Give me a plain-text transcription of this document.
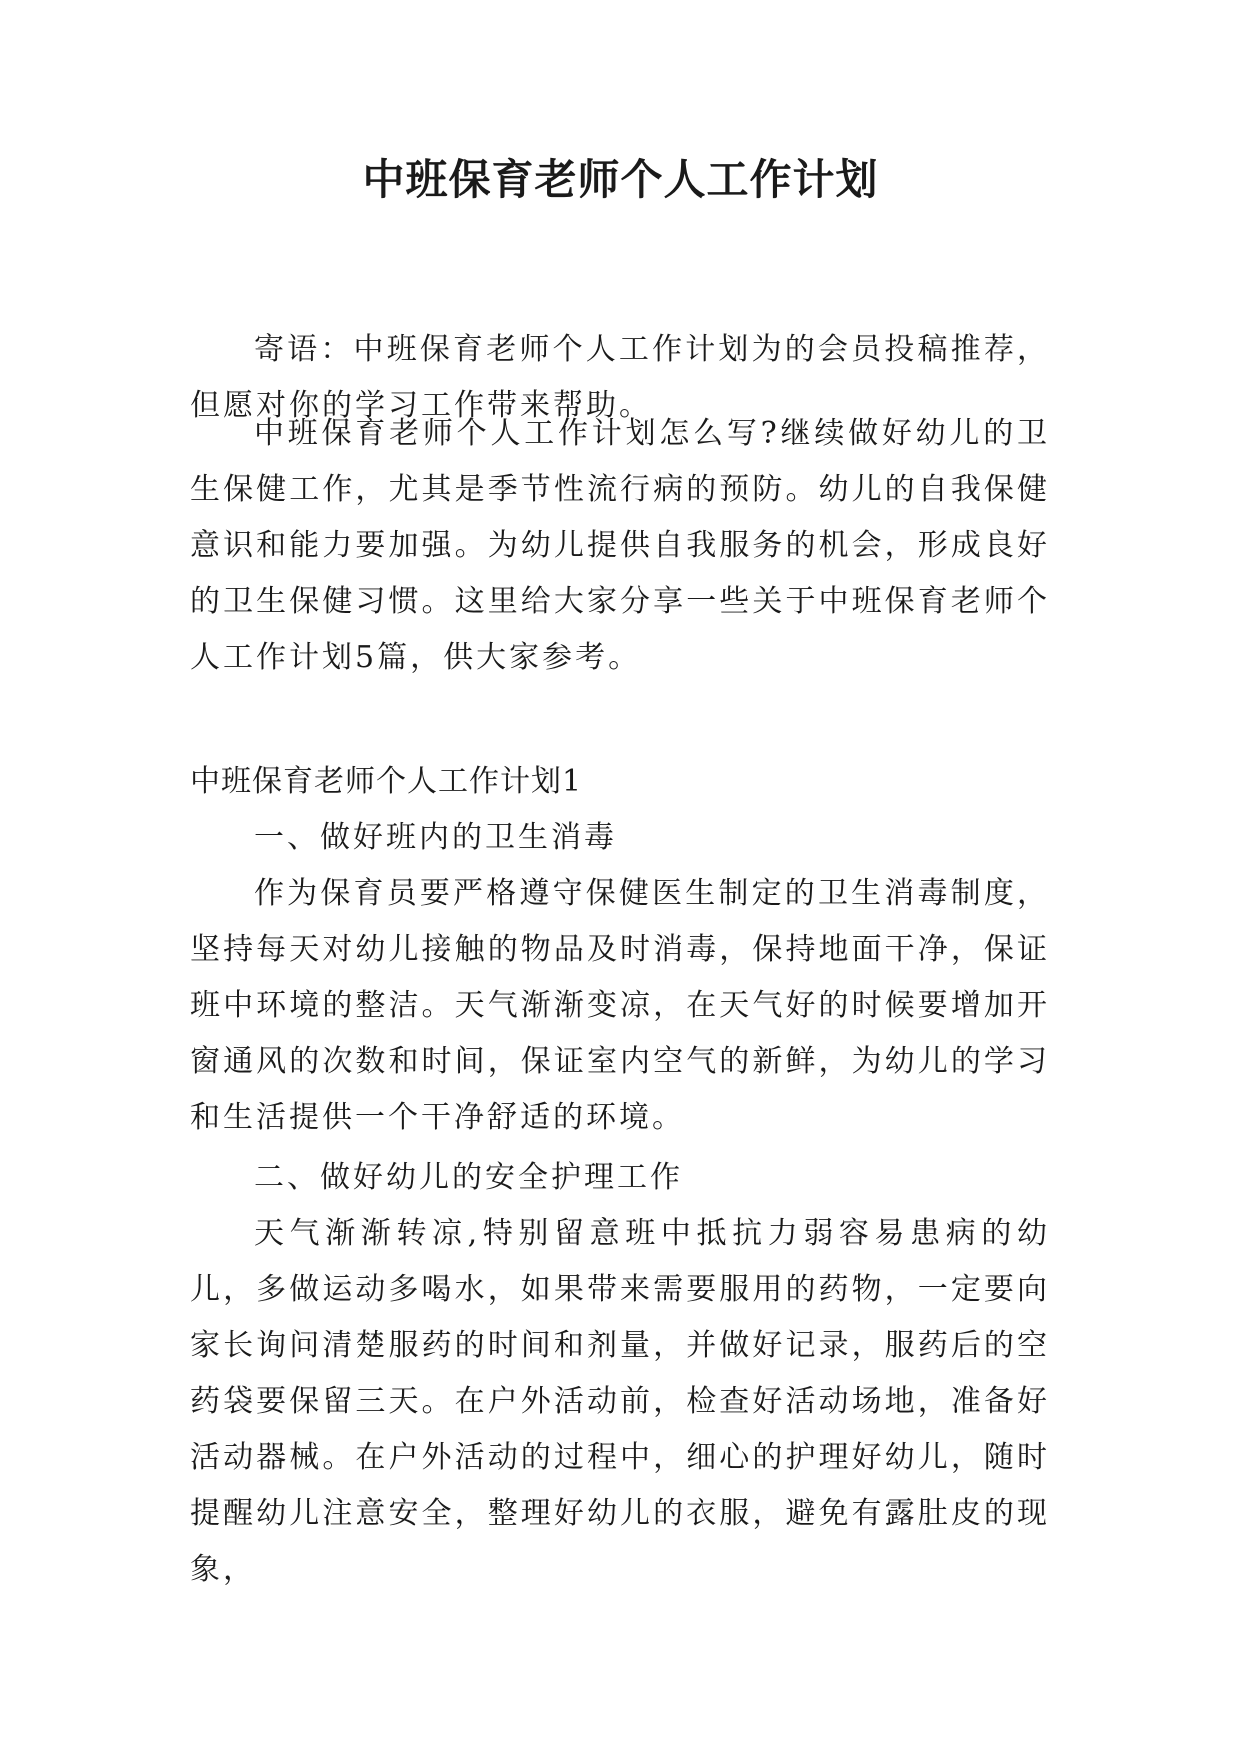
中班保育老师个人工作计划

寄语：中班保育老师个人工作计划为的会员投稿推荐，但愿对你的学习工作带来帮助。

中班保育老师个人工作计划怎么写?继续做好幼儿的卫生保健工作，尤其是季节性流行病的预防。幼儿的自我保健意识和能力要加强。为幼儿提供自我服务的机会，形成良好的卫生保健习惯。这里给大家分享一些关于中班保育老师个人工作计划5篇，供大家参考。

中班保育老师个人工作计划1

一、做好班内的卫生消毒

作为保育员要严格遵守保健医生制定的卫生消毒制度，坚持每天对幼儿接触的物品及时消毒，保持地面干净，保证班中环境的整洁。天气渐渐变凉，在天气好的时候要增加开窗通风的次数和时间，保证室内空气的新鲜，为幼儿的学习和生活提供一个干净舒适的环境。

二、做好幼儿的安全护理工作

天气渐渐转凉,特别留意班中抵抗力弱容易患病的幼儿，多做运动多喝水，如果带来需要服用的药物，一定要向家长询问清楚服药的时间和剂量，并做好记录，服药后的空药袋要保留三天。在户外活动前，检查好活动场地，准备好活动器械。在户外活动的过程中，细心的护理好幼儿，随时提醒幼儿注意安全，整理好幼儿的衣服，避免有露肚皮的现象，
